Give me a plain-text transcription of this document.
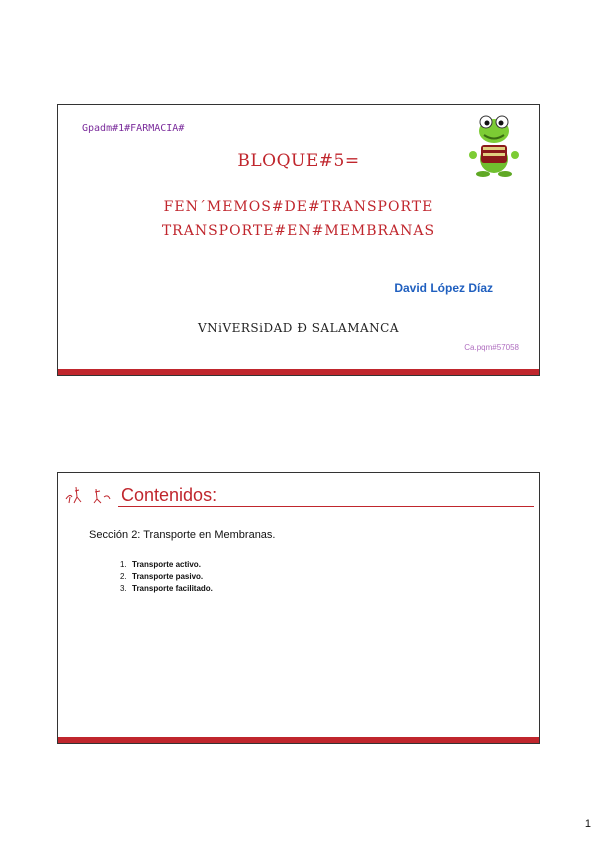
Gpadm#1#FARMACIA#
BLOQUE#5=
FEN´MEMOS#DE#TRANSPORTE
TRANSPORTE#EN#MEMBRANAS
David López Díaz
VNiVERSiDAD Ð SALAMANCA
Ca.pqm#57058
Contenidos:
Sección 2: Transporte en Membranas.
1. Transporte activo.
2. Transporte pasivo.
3. Transporte facilitado.
1
